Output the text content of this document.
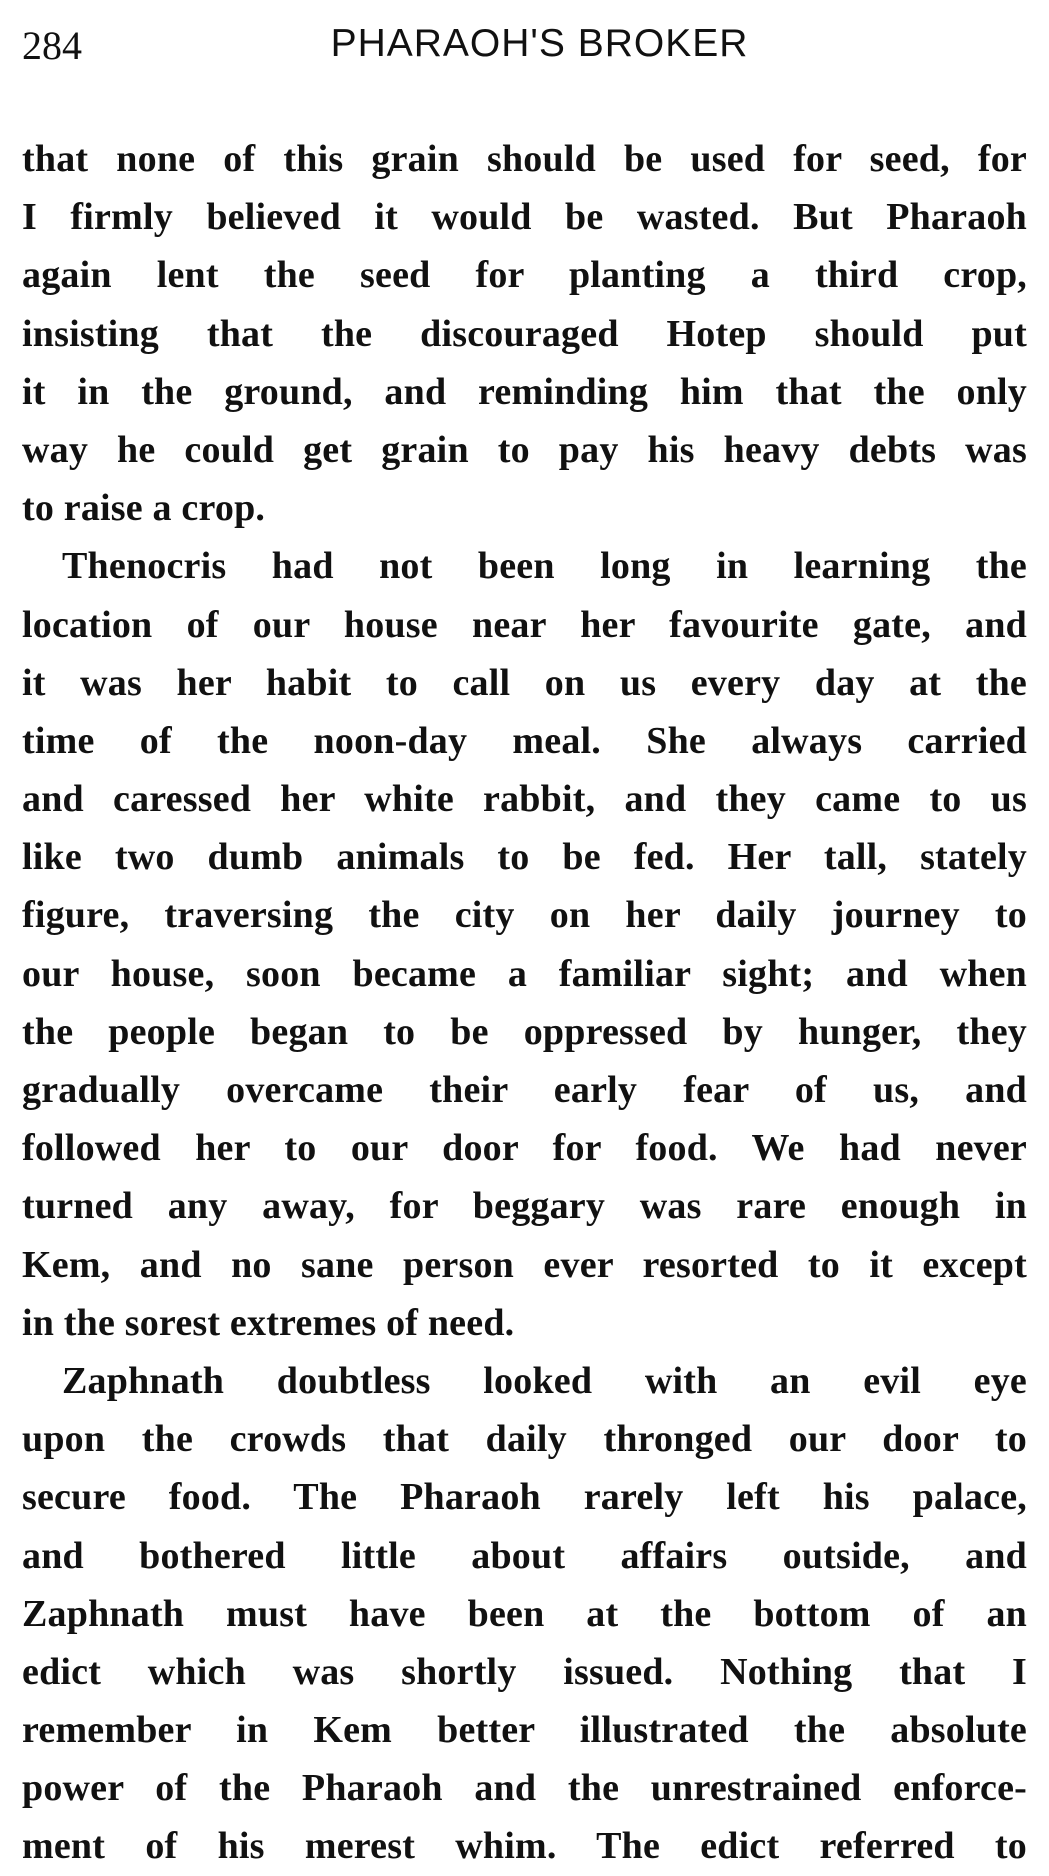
284	PHARAOH'S BROKER
that none of this grain should be used for seed, for
I firmly believed it would be wasted. But Pharaoh
again lent the seed for planting a third crop,
insisting that the discouraged Hotep should put
it in the ground, and reminding him that the only
way he could get grain to pay his heavy debts was
to raise a crop.
Thenocris had not been long in learning the
location of our house near her favourite gate, and
it was her habit to call on us every day at the
time of the noon-day meal. She always carried
and caressed her white rabbit, and they came to us
like two dumb animals to be fed. Her tall, stately
figure, traversing the city on her daily journey to
our house, soon became a familiar sight; and when
the people began to be oppressed by hunger, they
gradually overcame their early fear of us, and
followed her to our door for food. We had never
turned any away, for beggary was rare enough in
Kem, and no sane person ever resorted to it except
in the sorest extremes of need.
Zaphnath doubtless looked with an evil eye
upon the crowds that daily thronged our door to
secure food. The Pharaoh rarely left his palace,
and bothered little about affairs outside, and
Zaphnath must have been at the bottom of an
edict which was shortly issued. Nothing that I
remember in Kem better illustrated the absolute
power of the Pharaoh and the unrestrained enforce-
ment of his merest whim. The edict referred to
